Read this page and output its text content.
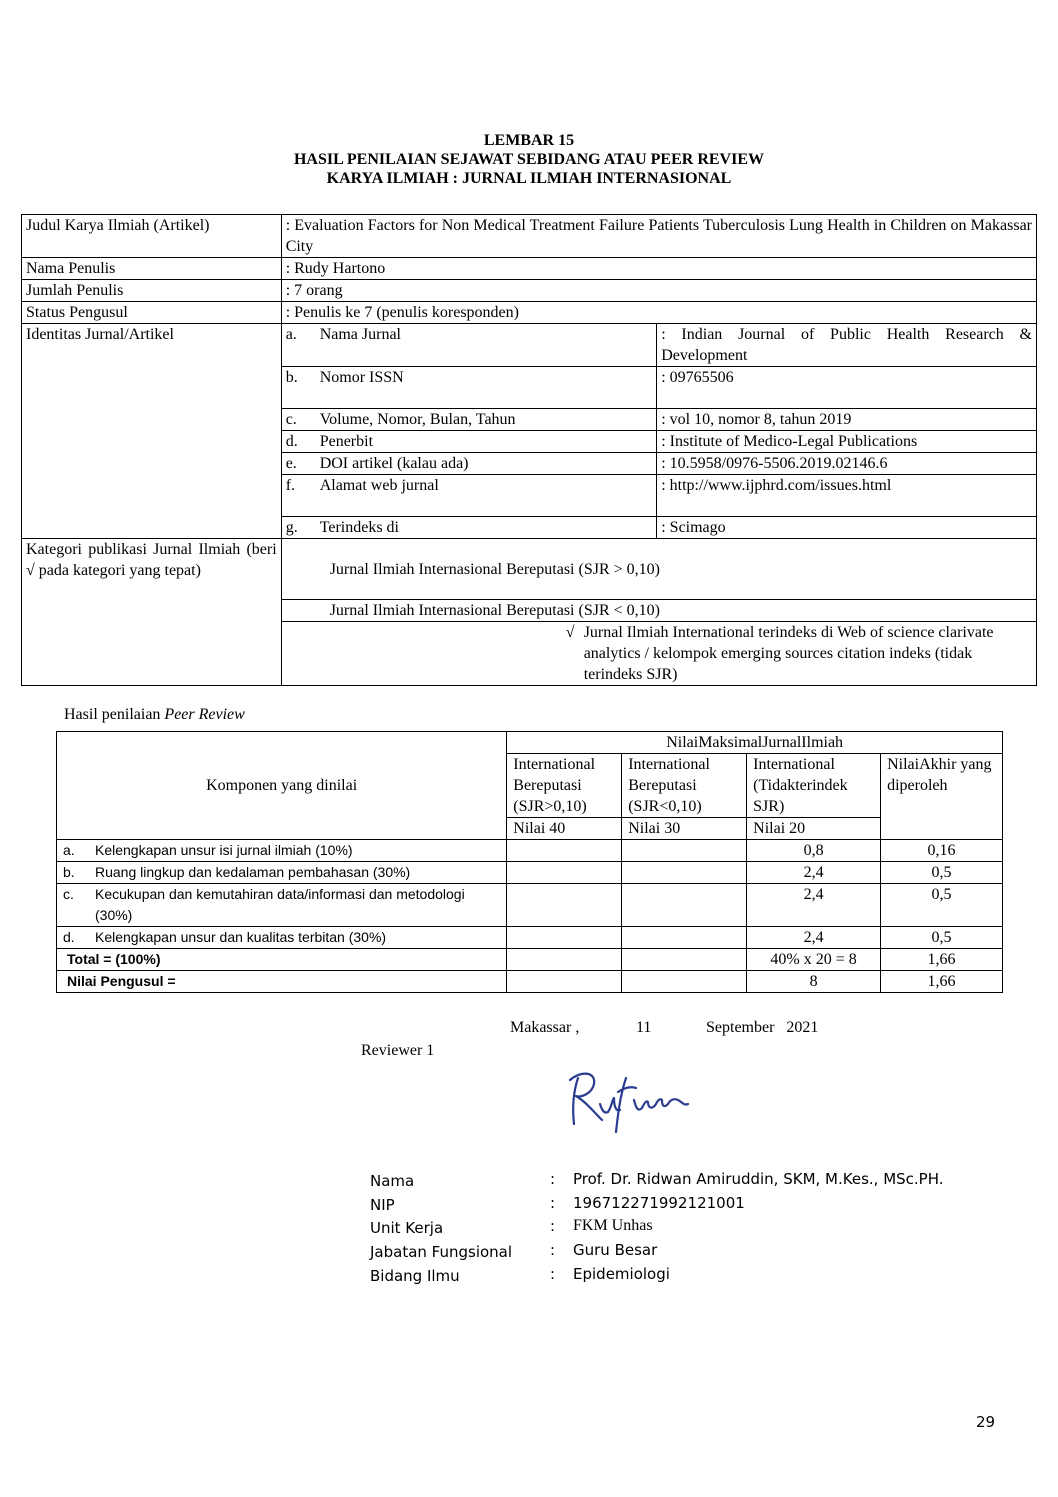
LEMBAR 15
HASIL PENILAIAN SEJAWAT SEBIDANG ATAU PEER REVIEW
KARYA ILMIAH : JURNAL ILMIAH INTERNASIONAL
Judul Karya Ilmiah (Artikel)	: Evaluation Factors for Non Medical Treatment Failure Patients Tuberculosis Lung Health in Children on Makassar City	
Nama Penulis	: Rudy Hartono	
Jumlah Penulis	: 7 orang	
Status Pengusul	: Penulis ke 7 (penulis koresponden)	
Identitas Jurnal/Artikel	a. Nama Jurnal	: Indian Journal of Public Health Research & Development
	b. Nomor ISSN	: 09765506
	c. Volume, Nomor, Bulan, Tahun	: vol 10, nomor 8, tahun 2019
	d. Penerbit	: Institute of Medico-Legal Publications
	e. DOI artikel (kalau ada)	: 10.5958/0976-5506.2019.02146.6
	f. Alamat web jurnal	: http://www.ijphrd.com/issues.html
	g. Terindeks di	: Scimago
Kategori publikasi Jurnal Ilmiah (beri √ pada kategori yang tepat)	Jurnal Ilmiah Internasional Bereputasi (SJR > 0,10)	
	Jurnal Ilmiah Internasional Bereputasi (SJR < 0,10)	

	√ Jurnal Ilmiah International terindeks di Web of science clarivate analytics / kelompok emerging sources citation indeks (tidak terindeks SJR)	
Hasil penilaian Peer Review
Komponen yang dinilai	NilaiMaksimalJurnalIlmiah			
	International Bereputasi (SJR>0,10)	International Bereputasi (SJR<0,10)	International (Tidakterindek SJR)	NilaiAkhir yang diperoleh
	Nilai 40	Nilai 30	Nilai 20	

a. Kelengkapan unsur isi jurnal ilmiah (10%)			0,8	0,16

b. Ruang lingkup dan kedalaman pembahasan (30%)			2,4	0,5

c. Kecukupan dan kemutahiran data/informasi dan metodologi (30%)			2,4	0,5

d. Kelengkapan unsur dan kualitas terbitan (30%)			2,4	0,5
Total = (100%)			40% x 20 = 8	1,66
Nilai Pengusul =			8	1,66
Makassar ,	11	September   2021
Reviewer 1
Nama	: Prof. Dr. Ridwan Amiruddin, SKM, M.Kes., MSc.PH.
NIP	: 196712271992121001
Unit Kerja	: FKM Unhas
Jabatan Fungsional	: Guru Besar
Bidang Ilmu	: Epidemiologi
29
